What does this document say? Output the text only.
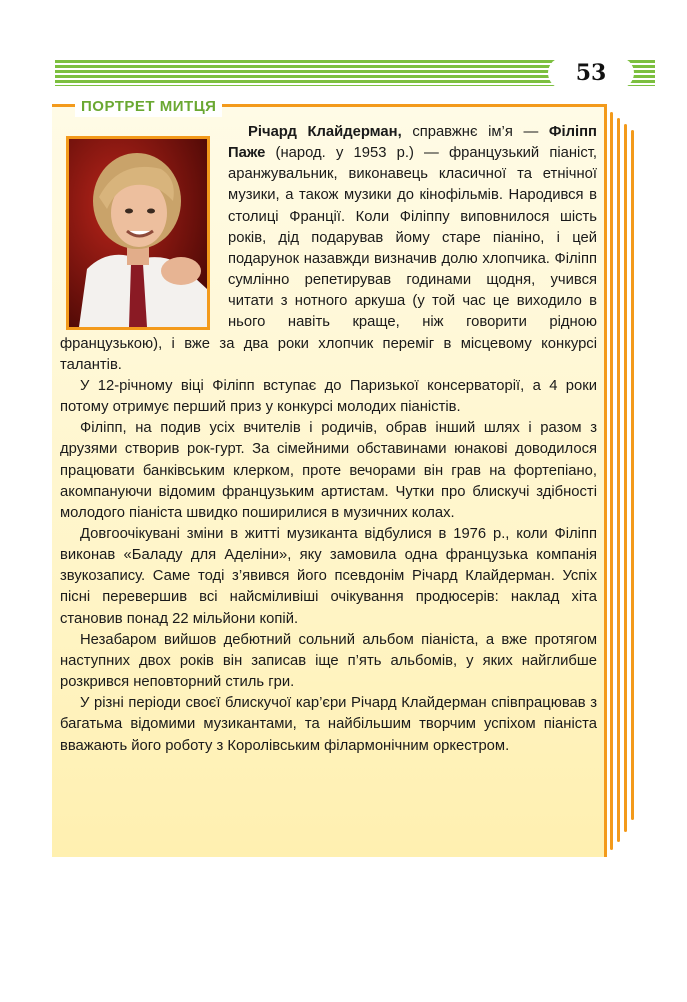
53
ПОРТРЕТ МИТЦЯ

Річард Клайдерман, справжнє ім’я — Філіпп Паже (народ. у 1953 р.) — французький піаніст, аранжувальник, виконавець класичної та етнічної музики, а також музики до кінофільмів. Народився в столиці Франції. Коли Філіппу виповнилося шість років, дід подарував йому старе піаніно, і цей подарунок назавжди визначив долю хлопчика. Філіпп сумлінно репетирував годинами щодня, учився читати з нотного аркуша (у той час це виходило в нього навіть краще, ніж говорити рідною французькою), і вже за два роки хлопчик переміг в місцевому конкурсі талантів.

У 12-річному віці Філіпп вступає до Паризької консерваторії, а 4 роки потому отримує перший приз у конкурсі молодих піаністів.

Філіпп, на подив усіх вчителів і родичів, обрав інший шлях і разом з друзями створив рок-гурт. За сімейними обставинами юнакові доводилося працювати банківським клерком, проте вечорами він грав на фортепіано, акомпануючи відомим французьким артистам. Чутки про блискучі здібності молодого піаніста швидко поширилися в музичних колах.

Довгоочікувані зміни в житті музиканта відбулися в 1976 р., коли Філіпп виконав «Баладу для Аделіни», яку замовила одна французька компанія звукозапису. Саме тоді з’явився його псевдонім Річард Клайдерман. Успіх пісні перевершив всі найсміливіші очікування продюсерів: наклад хіта становив понад 22 мільйони копій.

Незабаром вийшов дебютний сольний альбом піаніста, а вже протягом наступних двох років він записав іще п’ять альбомів, у яких найглибше розкрився неповторний стиль гри.

У різні періоди своєї блискучої кар’єри Річард Клайдерман співпрацював з багатьма відомими музикантами, та найбільшим творчим успіхом піаніста вважають його роботу з Королівським філармонічним оркестром.
